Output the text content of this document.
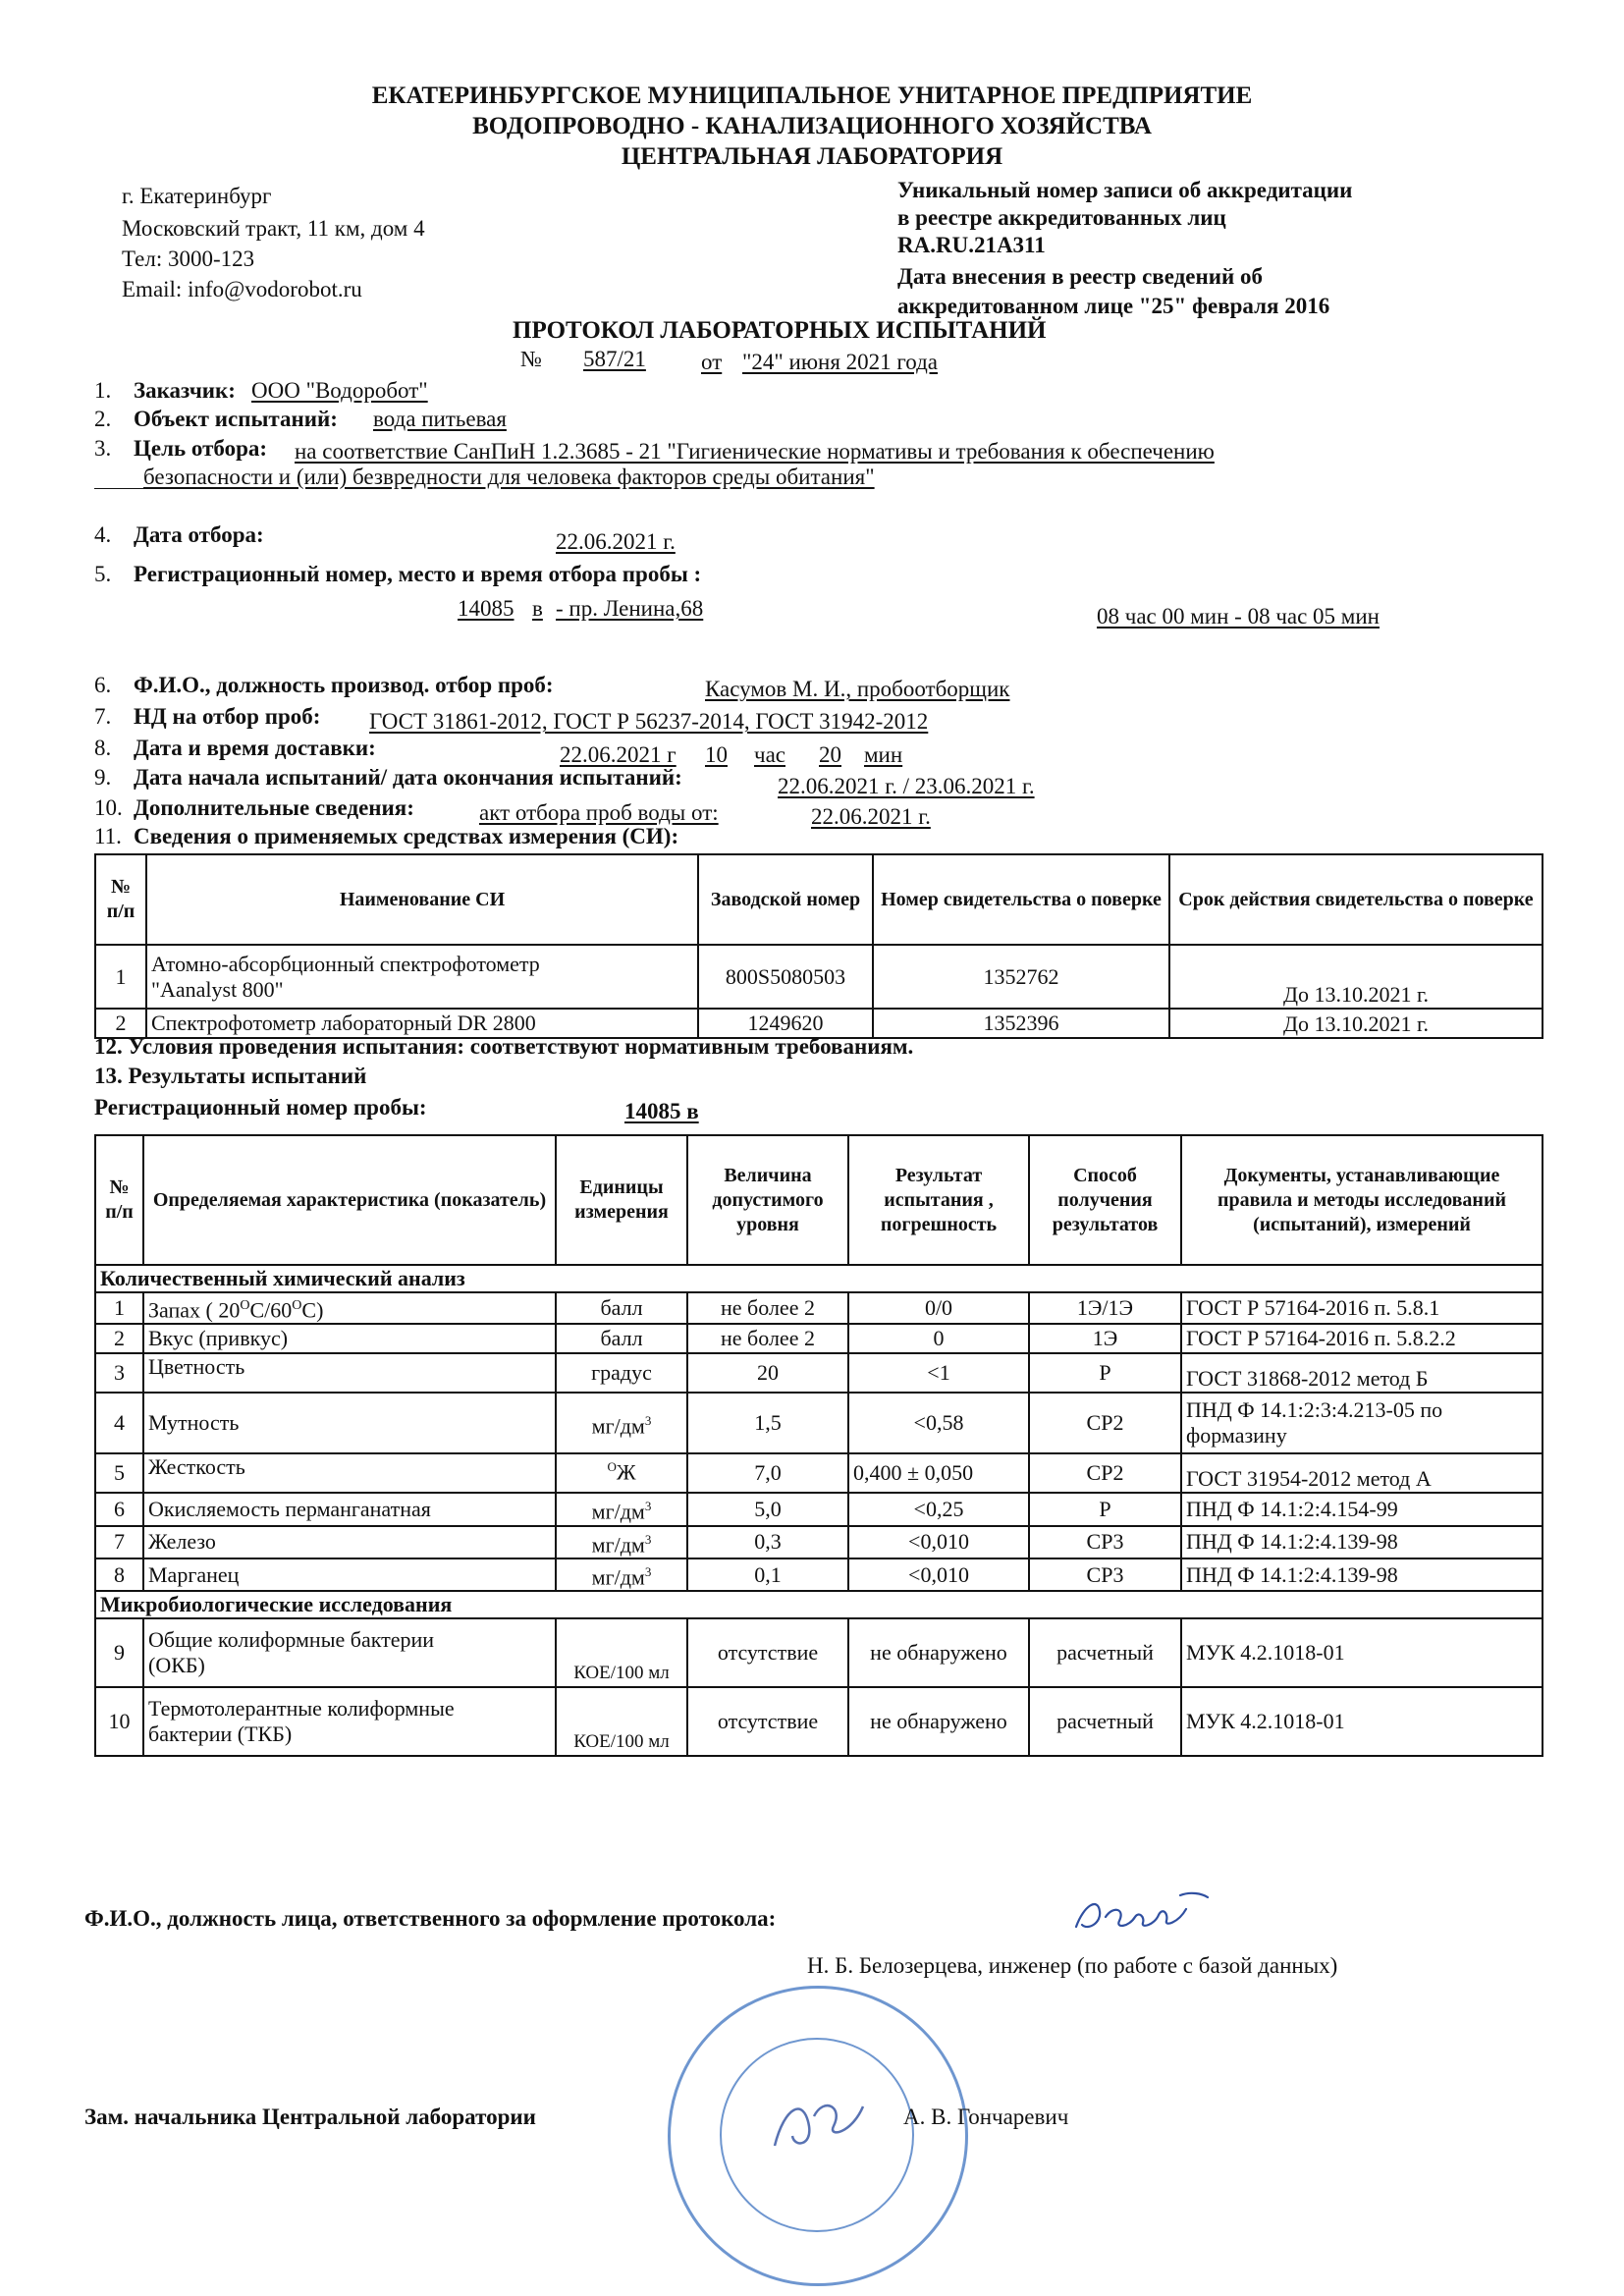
ЕКАТЕРИНБУРГСКОЕ МУНИЦИПАЛЬНОЕ УНИТАРНОЕ ПРЕДПРИЯТИЕ
ВОДОПРОВОДНО - КАНАЛИЗАЦИОННОГО ХОЗЯЙСТВА
ЦЕНТРАЛЬНАЯ ЛАБОРАТОРИЯ
г. Екатеринбург
Московский тракт, 11 км, дом 4
Тел: 3000-123
Email: info@vodorobot.ru
Уникальный номер записи об аккредитации
в реестре аккредитованных лиц
RA.RU.21А311
Дата внесения в реестр сведений об
аккредитованном лице "25" февраля 2016
ПРОТОКОЛ ЛАБОРАТОРНЫХ ИСПЫТАНИЙ
№ 587/21 от "24" июня 2021 года
1. Заказчик: ООО "Водоробот"
2. Объект испытаний: вода питьевая
3. Цель отбора: на соответствие СанПиН 1.2.3685 - 21 "Гигиенические нормативы и требования к обеспечению
безопасности и (или) безвредности для человека факторов среды обитания"
4. Дата отбора:	22.06.2021 г.
5. Регистрационный номер, место и время отбора пробы :
14085 в - пр. Ленина,68	08 час 00 мин - 08 час 05 мин
6. Ф.И.О., должность производ. отбор проб:	Касумов М. И., пробоотборщик
7. НД на отбор проб: ГОСТ 31861-2012, ГОСТ Р 56237-2014, ГОСТ 31942-2012
8. Дата и время доставки:	22.06.2021 г 10 час 20 мин
9. Дата начала испытаний/ дата окончания испытаний:	22.06.2021 г. / 23.06.2021 г.
10. Дополнительные сведения:	акт отбора проб воды от:	22.06.2021 г.
11. Сведения о применяемых средствах измерения (СИ):
№ п/п	Наименование СИ	Заводской номер	Номер свидетельства о поверке	Срок действия свидетельства о поверке
1	Атомно-абсорбционный спектрофотометр
"Aanalyst 800"	800S5080503	1352762	До 13.10.2021 г.
2	Спектрофотометр лабораторный DR 2800	1249620	1352396	До 13.10.2021 г.
12. Условия проведения испытания: соответствуют нормативным требованиям.
13. Результаты испытаний
Регистрационный номер пробы:	14085 в
№ п/п	Определяемая характеристика (показатель)	Единицы измерения	Величина допустимого уровня	Результат испытания , погрешность	Способ получения результатов	Документы, устанавливающие правила и методы исследований (испытаний), измерений
Количественный химический анализ						
1	Запах ( $20^ОС/60^ОС$)	балл	не более 2	0/0	1Э/1Э	ГОСТ Р 57164-2016 п. 5.8.1
2	Вкус (привкус)	балл	не более 2	0	1Э	ГОСТ Р 57164-2016 п. 5.8.2.2
3	Цветность	градус	20	<1	Р	ГОСТ 31868-2012 метод Б
4	Мутность	$мг/дм^3$	1,5	<0,58	СР2	ПНД Ф 14.1:2:3:4.213-05 по формазину
5	Жесткость	$^О$Ж	7,0	0,400 ± 0,050	СР2	ГОСТ 31954-2012 метод А
6	Окисляемость перманганатная	$мг/дм^3$	5,0	<0,25	Р	ПНД Ф 14.1:2:4.154-99
7	Железо	$мг/дм^3$	0,3	<0,010	СР3	ПНД Ф 14.1:2:4.139-98
8	Марганец	$мг/дм^3$	0,1	<0,010	СР3	ПНД Ф 14.1:2:4.139-98
Микробиологические исследования						
9	Общие колиформные бактерии
(ОКБ)	КОЕ/100 мл	отсутствие	не обнаружено	расчетный	МУК 4.2.1018-01
10	Термотолерантные колиформные
бактерии (ТКБ)	КОЕ/100 мл	отсутствие	не обнаружено	расчетный	МУК 4.2.1018-01
Ф.И.О., должность лица, ответственного за оформление протокола:
Н. Б. Белозерцева, инженер (по работе с базой данных)
Зам. начальника Центральной лаборатории	А. В. Гончаревич
